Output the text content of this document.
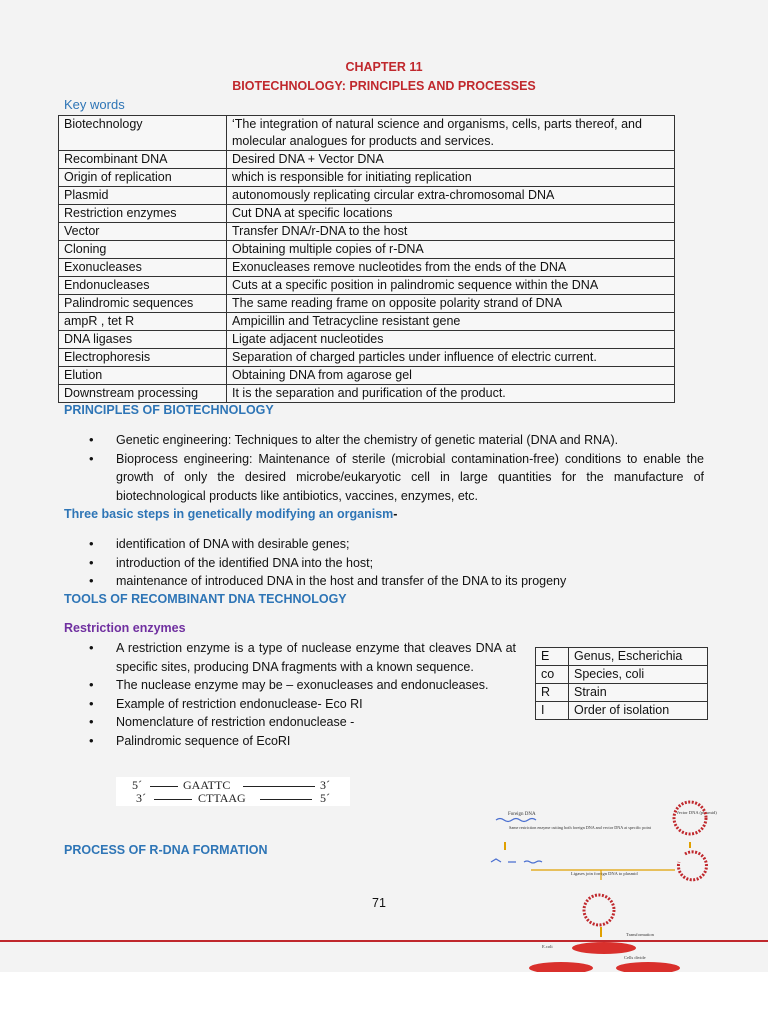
CHAPTER 11
BIOTECHNOLOGY: PRINCIPLES AND PROCESSES
Key words
Biotechnology	‘The integration of natural science and organisms, cells, parts thereof, and molecular analogues for products and services.
Recombinant DNA	Desired DNA + Vector DNA
Origin of replication	which is responsible for initiating replication
Plasmid	autonomously replicating circular extra-chromosomal DNA
Restriction enzymes	Cut DNA at specific locations
Vector	Transfer DNA/r-DNA to the host
Cloning	Obtaining multiple copies of r-DNA
Exonucleases	Exonucleases remove nucleotides from the ends of the DNA
Endonucleases	Cuts at a specific position in palindromic sequence within the DNA
Palindromic sequences	The same reading frame on opposite polarity strand of DNA
ampR , tet R	Ampicillin and Tetracycline resistant gene
DNA ligases	Ligate adjacent nucleotides
Electrophoresis	Separation of charged particles under influence of electric current.
Elution	Obtaining DNA from agarose gel
Downstream processing	It is the separation and purification of the product.
PRINCIPLES OF BIOTECHNOLOGY
• Genetic engineering: Techniques to alter the chemistry of genetic material (DNA and RNA).
• Bioprocess engineering: Maintenance of sterile (microbial contamination-free) conditions to enable the growth of only the desired microbe/eukaryotic cell in large quantities for the manufacture of biotechnological products like antibiotics, vaccines, enzymes, etc.
Three basic steps in genetically modifying an organism-
• identification of DNA with desirable genes;
• introduction of the identified DNA into the host;
• maintenance of introduced DNA in the host and transfer of the DNA to its progeny
TOOLS OF RECOMBINANT DNA TECHNOLOGY
Restriction enzymes
• A restriction enzyme is a type of nuclease enzyme that cleaves DNA at specific sites, producing DNA fragments with a known sequence.
• The nuclease enzyme may be – exonucleases and endonucleases.
• Example of restriction endonuclease- Eco RI
• Nomenclature of restriction endonuclease -
• Palindromic sequence of EcoRI
E	Genus, Escherichia
co	Species, coli
R	Strain
I	Order of isolation
5´	GAATTC	3´
3´	CTTAAG	5´
PROCESS OF R-DNA FORMATION
71
Foreign DNA	Vector DNA (plasmid)
Same restriction enzyme cutting both foreign DNA and vector DNA at specific point
Ligases join foreign DNA to plasmid
Transformation
E.coli
Cells divide
